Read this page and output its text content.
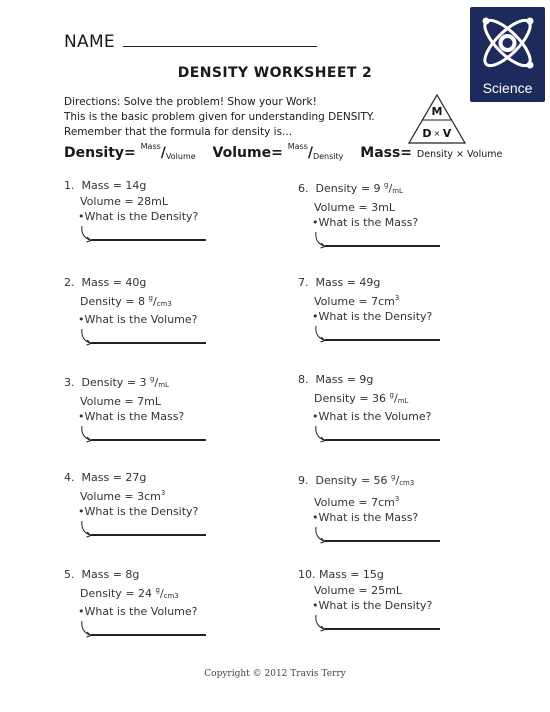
NAME
DENSITY WORKSHEET 2
Science
Directions: Solve the problem! Show your Work!
This is the basic problem given for understanding DENSITY.
Remember that the formula for density is...
M
D × V
Density= $^{Mass}/_{Volume}$ Volume= $^{Mass}/_{Density}$ Mass= Density × Volume
1. Mass = 14g
Volume = 28mL
•What is the Density?
2. Mass = 40g
Density = 8 $^g/_{cm3}$
•What is the Volume?
3. Density = 3 $^g/_{mL}$
Volume = 7mL
•What is the Mass?
4. Mass = 27g
Volume = $3cm^3$
•What is the Density?
5. Mass = 8g
Density = 24 $^g/_{cm3}$
•What is the Volume?
6. Density = 9 $^g/_{mL}$
Volume = 3mL
•What is the Mass?
7. Mass = 49g
Volume = $7cm^3$
•What is the Density?
8. Mass = 9g
Density = 36 $^g/_{mL}$
•What is the Volume?
9. Density = 56 $^g/_{cm3}$
Volume = $7cm^3$
•What is the Mass?
10. Mass = 15g
Volume = 25mL
•What is the Density?
Copyright © 2012 Travis Terry
